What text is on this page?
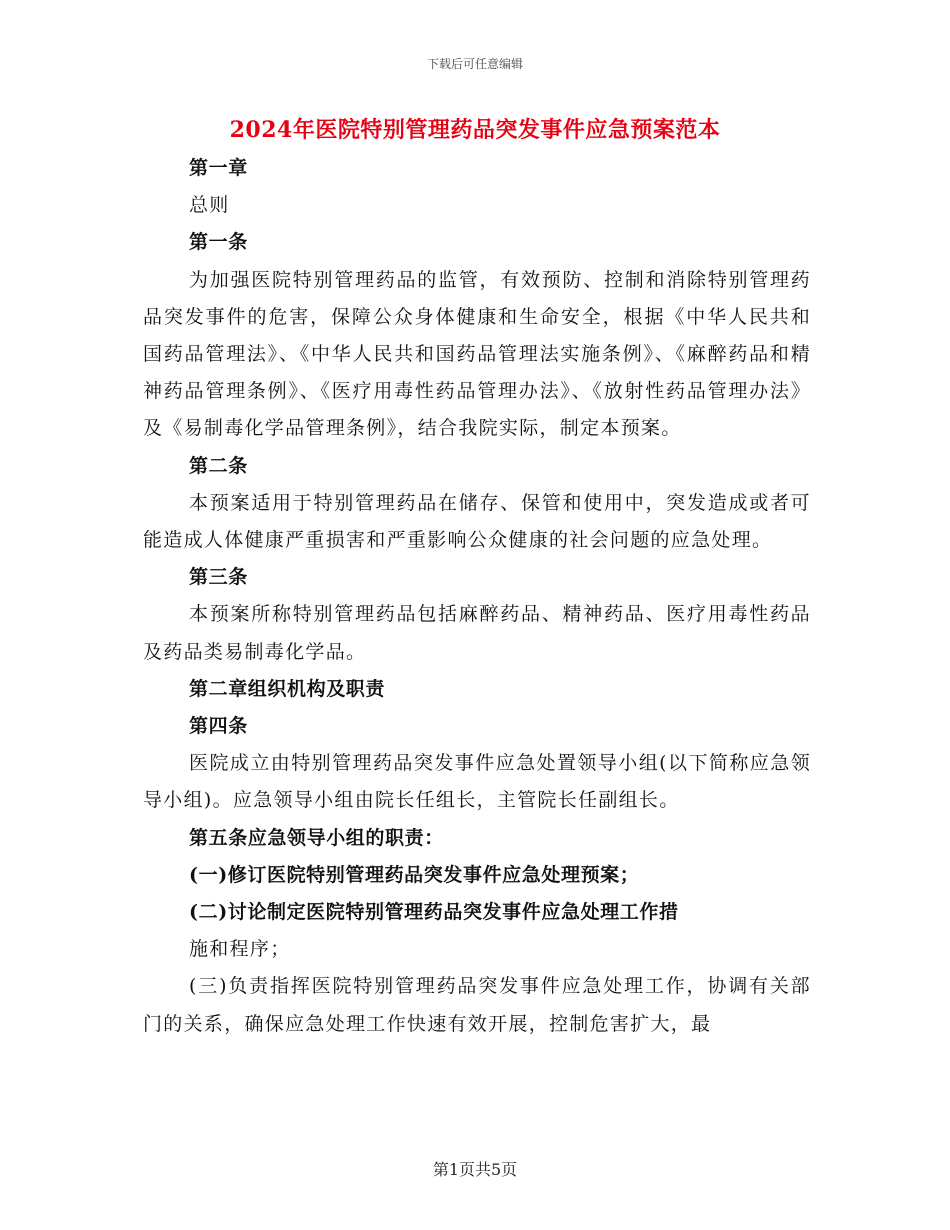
下载后可任意编辑
2024年医院特别管理药品突发事件应急预案范本

第一章

总则

第一条

为加强医院特别管理药品的监管，有效预防、控制和消除特别管理药品突发事件的危害，保障公众身体健康和生命安全，根据《中华人民共和国药品管理法》、《中华人民共和国药品管理法实施条例》、《麻醉药品和精神药品管理条例》、《医疗用毒性药品管理办法》、《放射性药品管理办法》及《易制毒化学品管理条例》，结合我院实际，制定本预案。

第二条

本预案适用于特别管理药品在储存、保管和使用中，突发造成或者可能造成人体健康严重损害和严重影响公众健康的社会问题的应急处理。

第三条

本预案所称特别管理药品包括麻醉药品、精神药品、医疗用毒性药品及药品类易制毒化学品。

第二章组织机构及职责

第四条

医院成立由特别管理药品突发事件应急处置领导小组(以下简称应急领导小组)。应急领导小组由院长任组长，主管院长任副组长。

第五条应急领导小组的职责：

(一)修订医院特别管理药品突发事件应急处理预案；

(二)讨论制定医院特别管理药品突发事件应急处理工作措

施和程序；

(三)负责指挥医院特别管理药品突发事件应急处理工作，协调有关部门的关系，确保应急处理工作快速有效开展，控制危害扩大，最

第1页共5页
